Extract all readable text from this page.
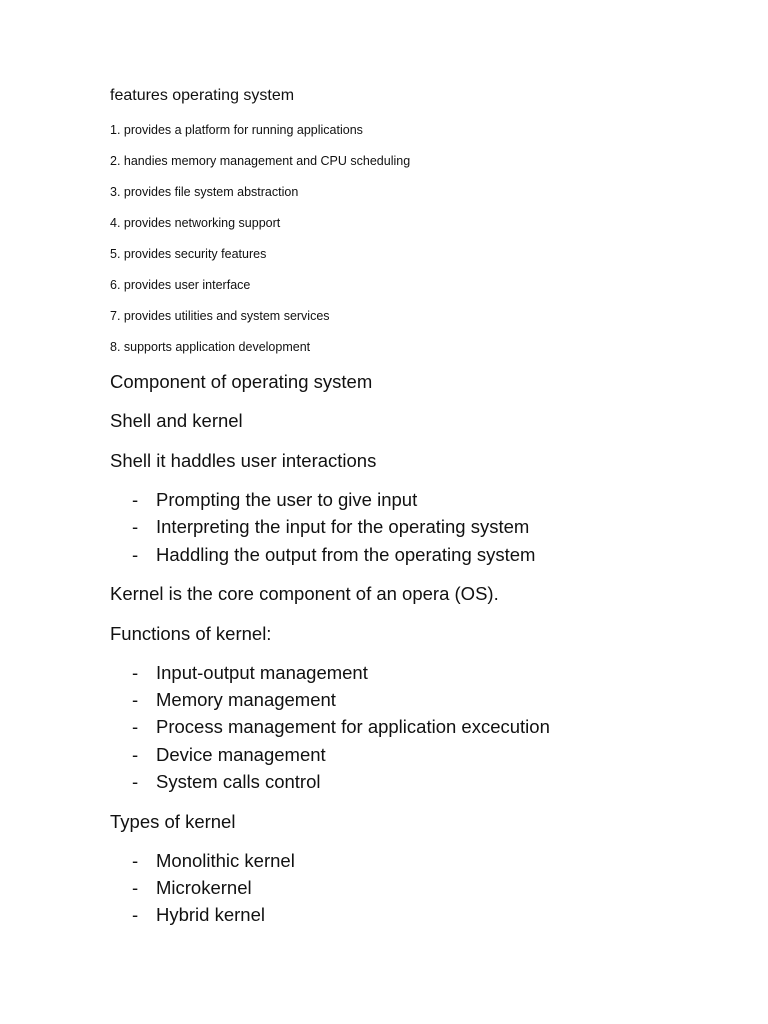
features operating system
1. provides a platform for running applications
2. handies memory management and CPU scheduling
3. provides file system abstraction
4. provides networking support
5. provides security features
6. provides user interface
7. provides utilities and system services
8. supports application development
Component of operating system
Shell and kernel
Shell it haddles user interactions
- Prompting the user to give input
- Interpreting the input for the operating system
- Haddling the output from the operating system
Kernel is the core component of an opera (OS).
Functions of kernel:
- Input-output management
- Memory management
- Process management for application excecution
- Device management
- System calls control
Types of kernel
- Monolithic kernel
- Microkernel
- Hybrid kernel
